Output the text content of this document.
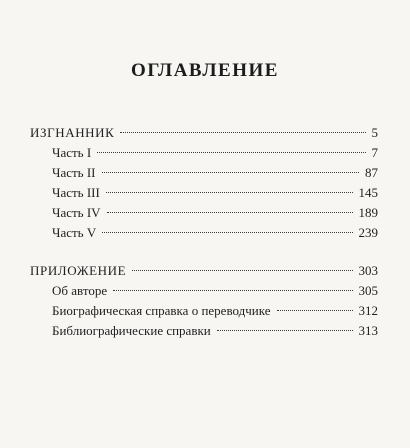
ОГЛАВЛЕНИЕ
ИЗГНАННИК	5
Часть I	7
Часть II	87
Часть III	145
Часть IV	189
Часть V	239
ПРИЛОЖЕНИЕ	303
Об авторе	305
Биографическая справка о переводчике	312
Библиографические справки	313
